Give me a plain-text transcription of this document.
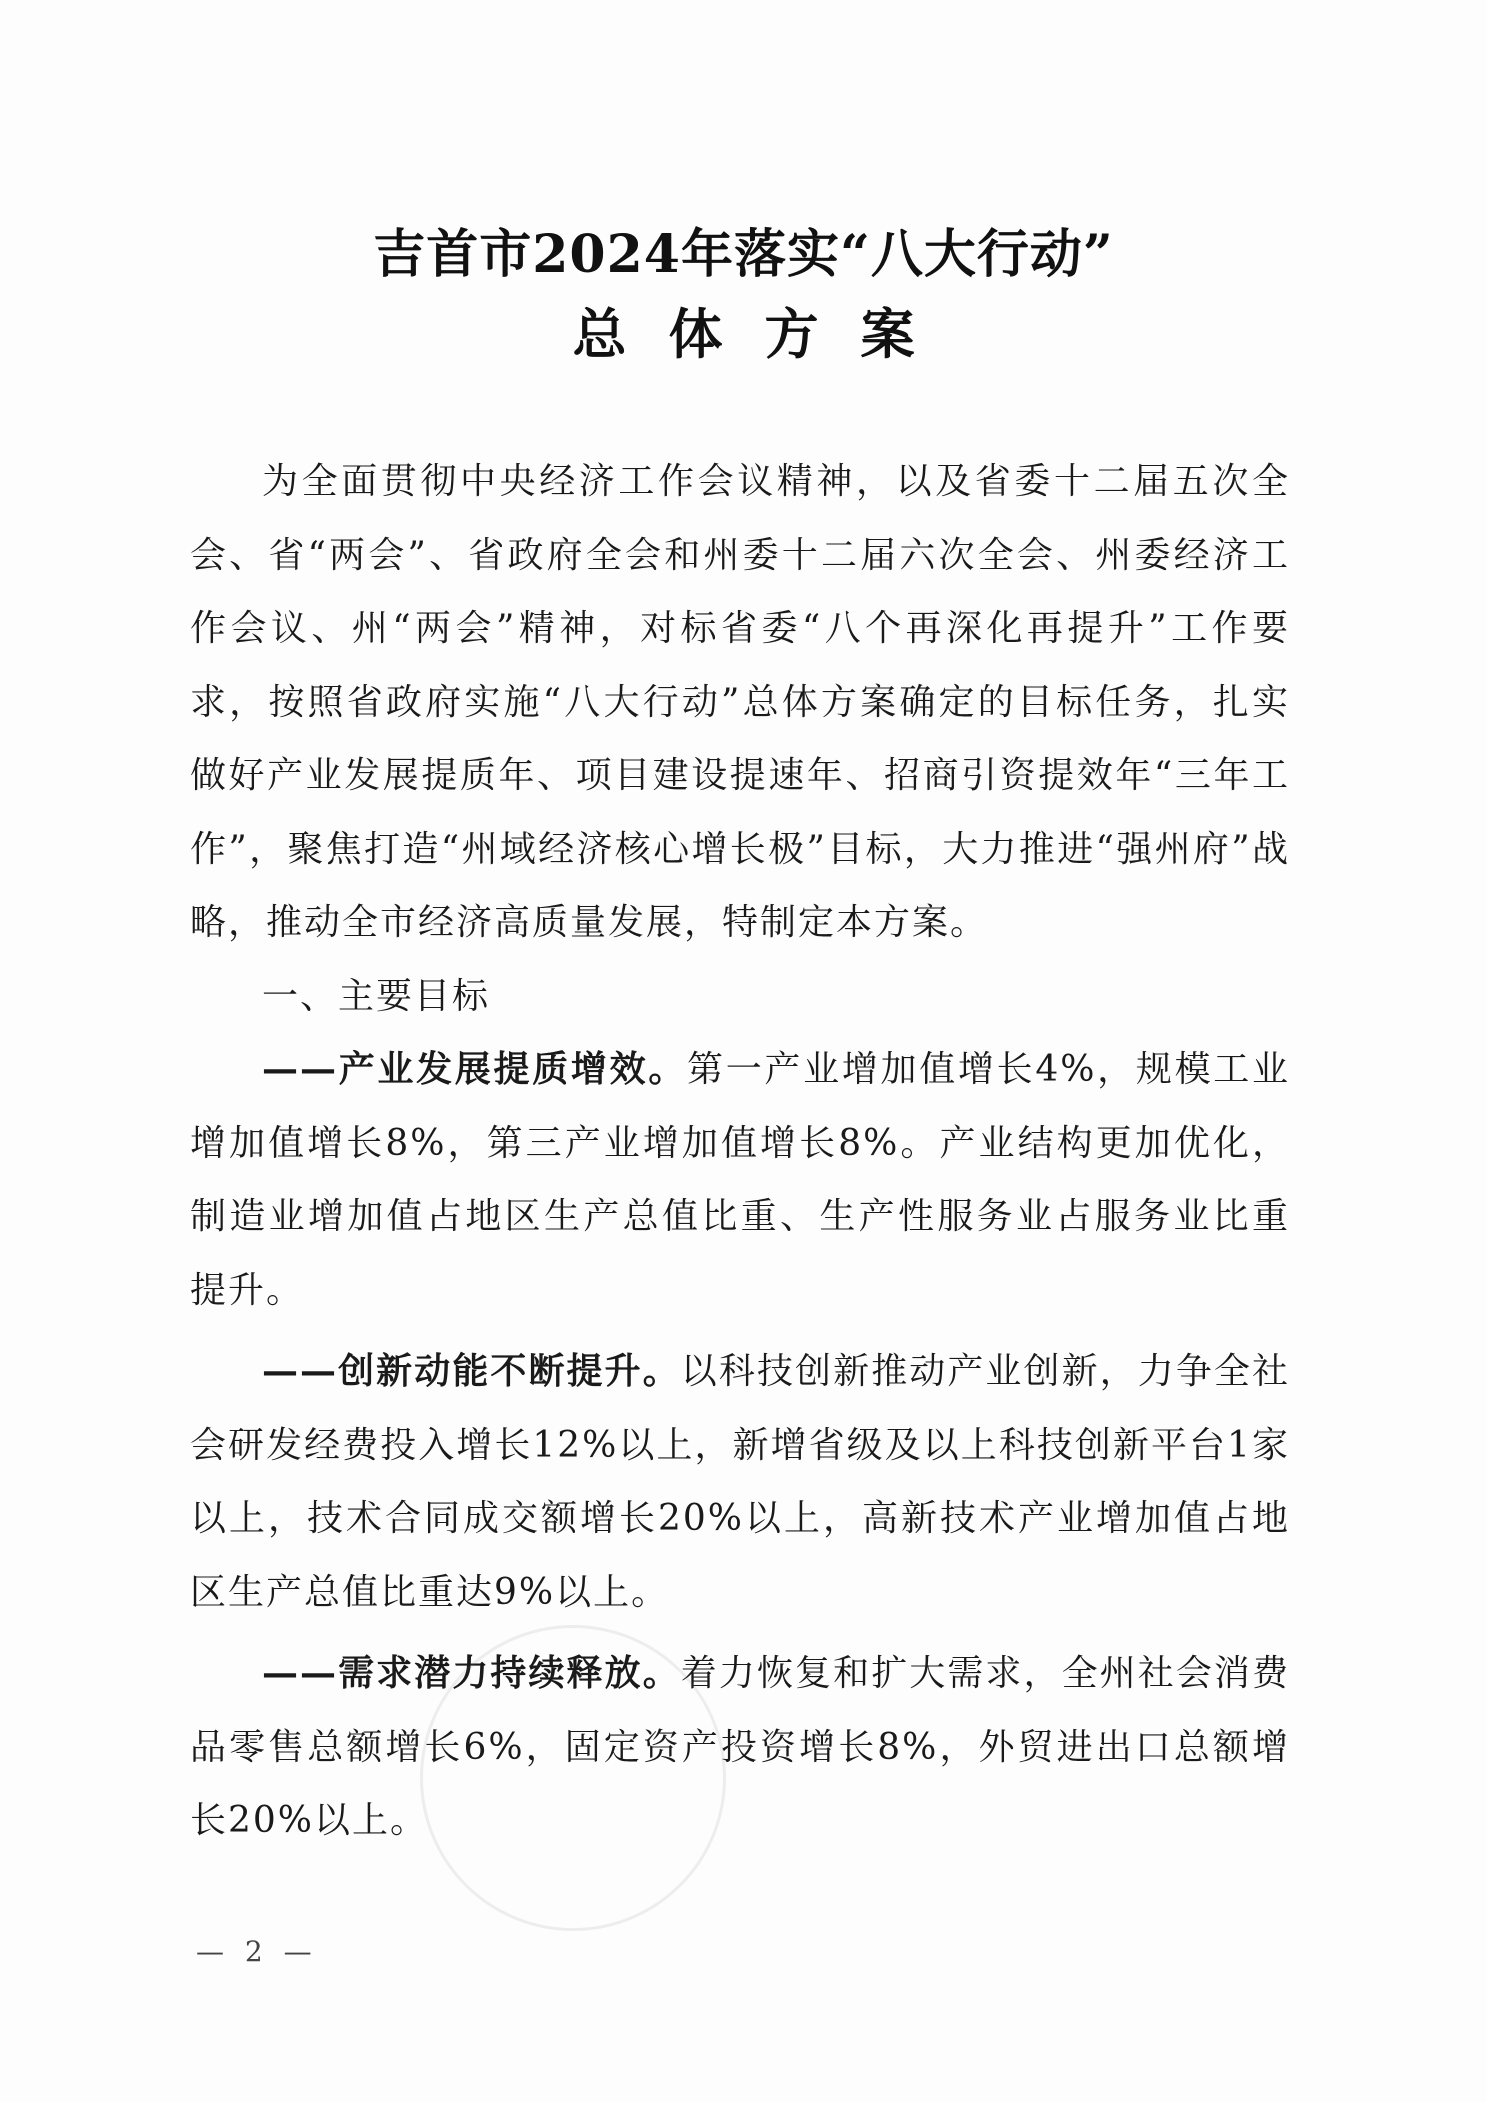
吉首市2024年落实“八大行动”
总体方案

为全面贯彻中央经济工作会议精神，以及省委十二届五次全会、省“两会”、省政府全会和州委十二届六次全会、州委经济工作会议、州“两会”精神，对标省委“八个再深化再提升”工作要求，按照省政府实施“八大行动”总体方案确定的目标任务，扎实做好产业发展提质年、项目建设提速年、招商引资提效年“三年工作”，聚焦打造“州域经济核心增长极”目标，大力推进“强州府”战略，推动全市经济高质量发展，特制定本方案。

一、主要目标

——产业发展提质增效。第一产业增加值增长4%，规模工业增加值增长8%，第三产业增加值增长8%。产业结构更加优化，制造业增加值占地区生产总值比重、生产性服务业占服务业比重提升。

——创新动能不断提升。以科技创新推动产业创新，力争全社会研发经费投入增长12%以上，新增省级及以上科技创新平台1家以上，技术合同成交额增长20%以上，高新技术产业增加值占地区生产总值比重达9%以上。

——需求潜力持续释放。着力恢复和扩大需求，全州社会消费品零售总额增长6%，固定资产投资增长8%，外贸进出口总额增长20%以上。

— 2 —
